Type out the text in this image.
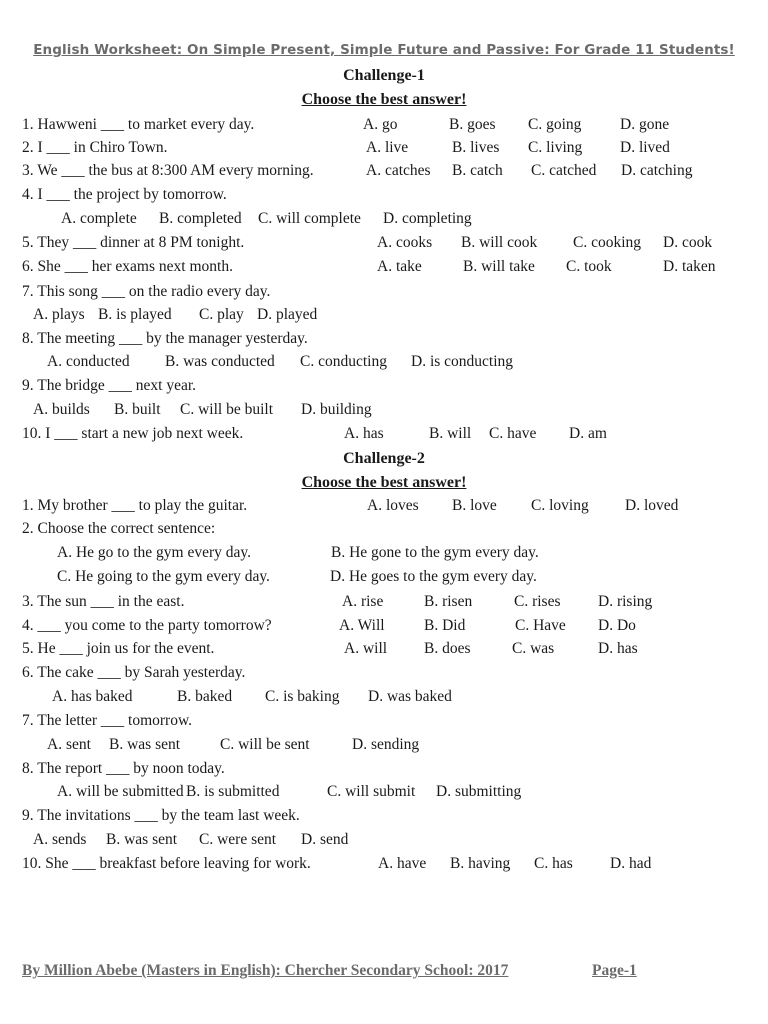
English Worksheet: On Simple Present, Simple Future and Passive: For Grade 11 Students!
Challenge-1
Choose the best answer!
1. Hawweni ___ to market every day.	A. go	B. goes C. going D. gone
2. I ___ in Chiro Town.	A. live	B. lives C. living D. lived
3. We ___ the bus at 8:300 AM every morning.	A. catches B. catch C. catched D. catching
4. I ___ the project by tomorrow.
A. complete B. completed C. will complete D. completing
5. They ___ dinner at 8 PM tonight.	A. cooks B. will cook C. cooking D. cook
6. She ___ her exams next month.	A. take	B. will take C. took	D. taken
7. This song ___ on the radio every day.
A. plays B. is played C. play D. played
8. The meeting ___ by the manager yesterday.
A. conducted B. was conducted C. conducting D. is conducting
9. The bridge ___ next year.
A. builds B. built C. will be built D. building
10. I ___ start a new job next week.	A. has	B. will C. have D. am
Challenge-2
Choose the best answer!
1. My brother ___ to play the guitar.	A. loves B. love C. loving D. loved
2. Choose the correct sentence:
A. He go to the gym every day.	B. He gone to the gym every day.
C. He going to the gym every day.	D. He goes to the gym every day.
3. The sun ___ in the east.	A. rise	B. risen	C. rises D. rising
4. ___ you come to the party tomorrow?	A. Will	B. Did	C. Have D. Do
5. He ___ join us for the event.	A. will B. does	C. was	D. has
6. The cake ___ by Sarah yesterday.
A. has baked	B. baked C. is baking D. was baked
7. The letter ___ tomorrow.
A. sent B. was sent	C. will be sent	D. sending
8. The report ___ by noon today.
A. will be submitted B. is submitted	C. will submit D. submitting
9. The invitations ___ by the team last week.
A. sends B. was sent C. were sent D. send
10. She ___ breakfast before leaving for work.	A. have B. having C. has D. had
By Million Abebe (Masters in English): Chercher Secondary School: 2017	Page-1
